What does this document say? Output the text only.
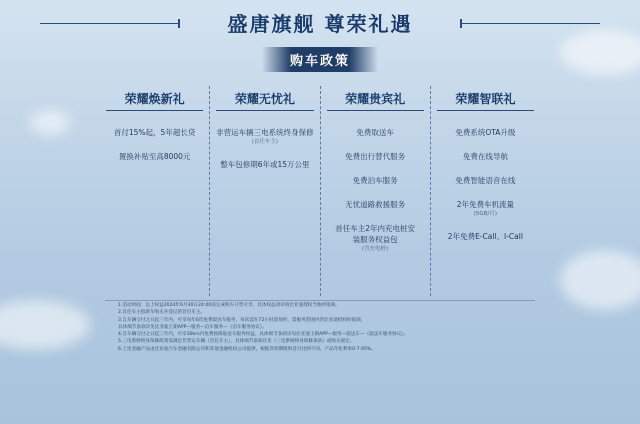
盛唐旗舰 尊荣礼遇
购车政策
荣耀焕新礼
首付15%起，5年超长贷
置换补贴至高8000元
荣耀无忧礼
非营运车辆三电系统终身保修
(首任车主)
整车包修期6年或15万公里
荣耀贵宾礼
免费取送车
免费出行替代服务
免费泊车服务
无忧道路救援服务
首任车主2年内充电桩安装服务权益包
(含充电桩)
荣耀智联礼
免费系统OTA升级
免费在线导航
免费智能语音在线
2年免费车机流量
(5GB/月)
2年免费E-Call、I-Call
1.活动时间：以上权益2024年6月30日24:00前完成购车开票可享，具体权益请详询比亚迪授权当地经销商。
2.首任车主指新车购买并登记的首位车主。
3.自车辆交付之日起三年内，可享每年6次免费取送车服务，每次需在72小时前预约，需服务范围内的比亚迪授权经销商，
具体细节条款详见比亚迪王朝APP—服务—泊车服务—《泊车服务协议》。
4.自车辆交付之日起三年内，可享30km内免费救援取送车服务权益，具体细节条款详见比亚迪王朝APP—服务—取送车—《取送车服务协议》。
5.三电系统终身保修政策需满足非营运车辆（首任车主），具体细节条款详见《三电系统终身保修条款》或购买现定。
6.上述金融产品由比亚迪汽车金融有限公司和其他金融机构公司提供，根据贷款期限和首付比例不同，产品年化利率0-7.95%。
